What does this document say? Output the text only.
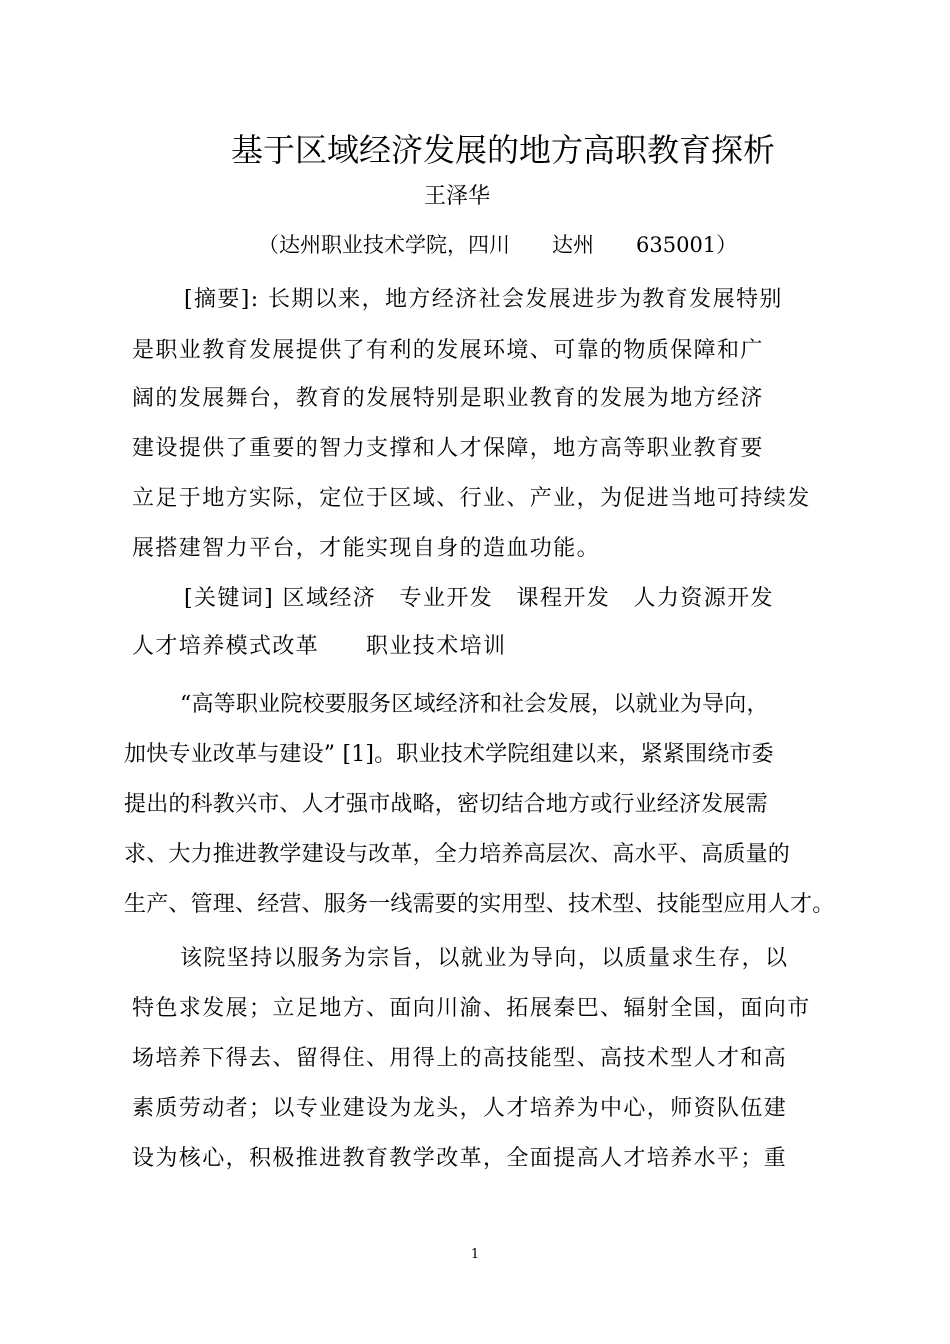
基于区域经济发展的地方高职教育探析
王泽华
（达州职业技术学院，四川　　达州　　635001）
[摘要]: 长期以来，地方经济社会发展进步为教育发展特别
是职业教育发展提供了有利的发展环境、可靠的物质保障和广
阔的发展舞台，教育的发展特别是职业教育的发展为地方经济
建设提供了重要的智力支撑和人才保障，地方高等职业教育要
立足于地方实际，定位于区域、行业、产业，为促进当地可持续发
展搭建智力平台，才能实现自身的造血功能。
[关键词] 区域经济　专业开发　课程开发　人力资源开发
人才培养模式改革　　职业技术培训
“高等职业院校要服务区域经济和社会发展，以就业为导向，
加快专业改革与建设” [1]。职业技术学院组建以来，紧紧围绕市委
提出的科教兴市、人才强市战略，密切结合地方或行业经济发展需
求、大力推进教学建设与改革，全力培养高层次、高水平、高质量的
生产、管理、经营、服务一线需要的实用型、技术型、技能型应用人才。
该院坚持以服务为宗旨，以就业为导向，以质量求生存，以
特色求发展；立足地方、面向川渝、拓展秦巴、辐射全国，面向市
场培养下得去、留得住、用得上的高技能型、高技术型人才和高
素质劳动者；以专业建设为龙头，人才培养为中心，师资队伍建
设为核心，积极推进教育教学改革，全面提高人才培养水平；重
1
